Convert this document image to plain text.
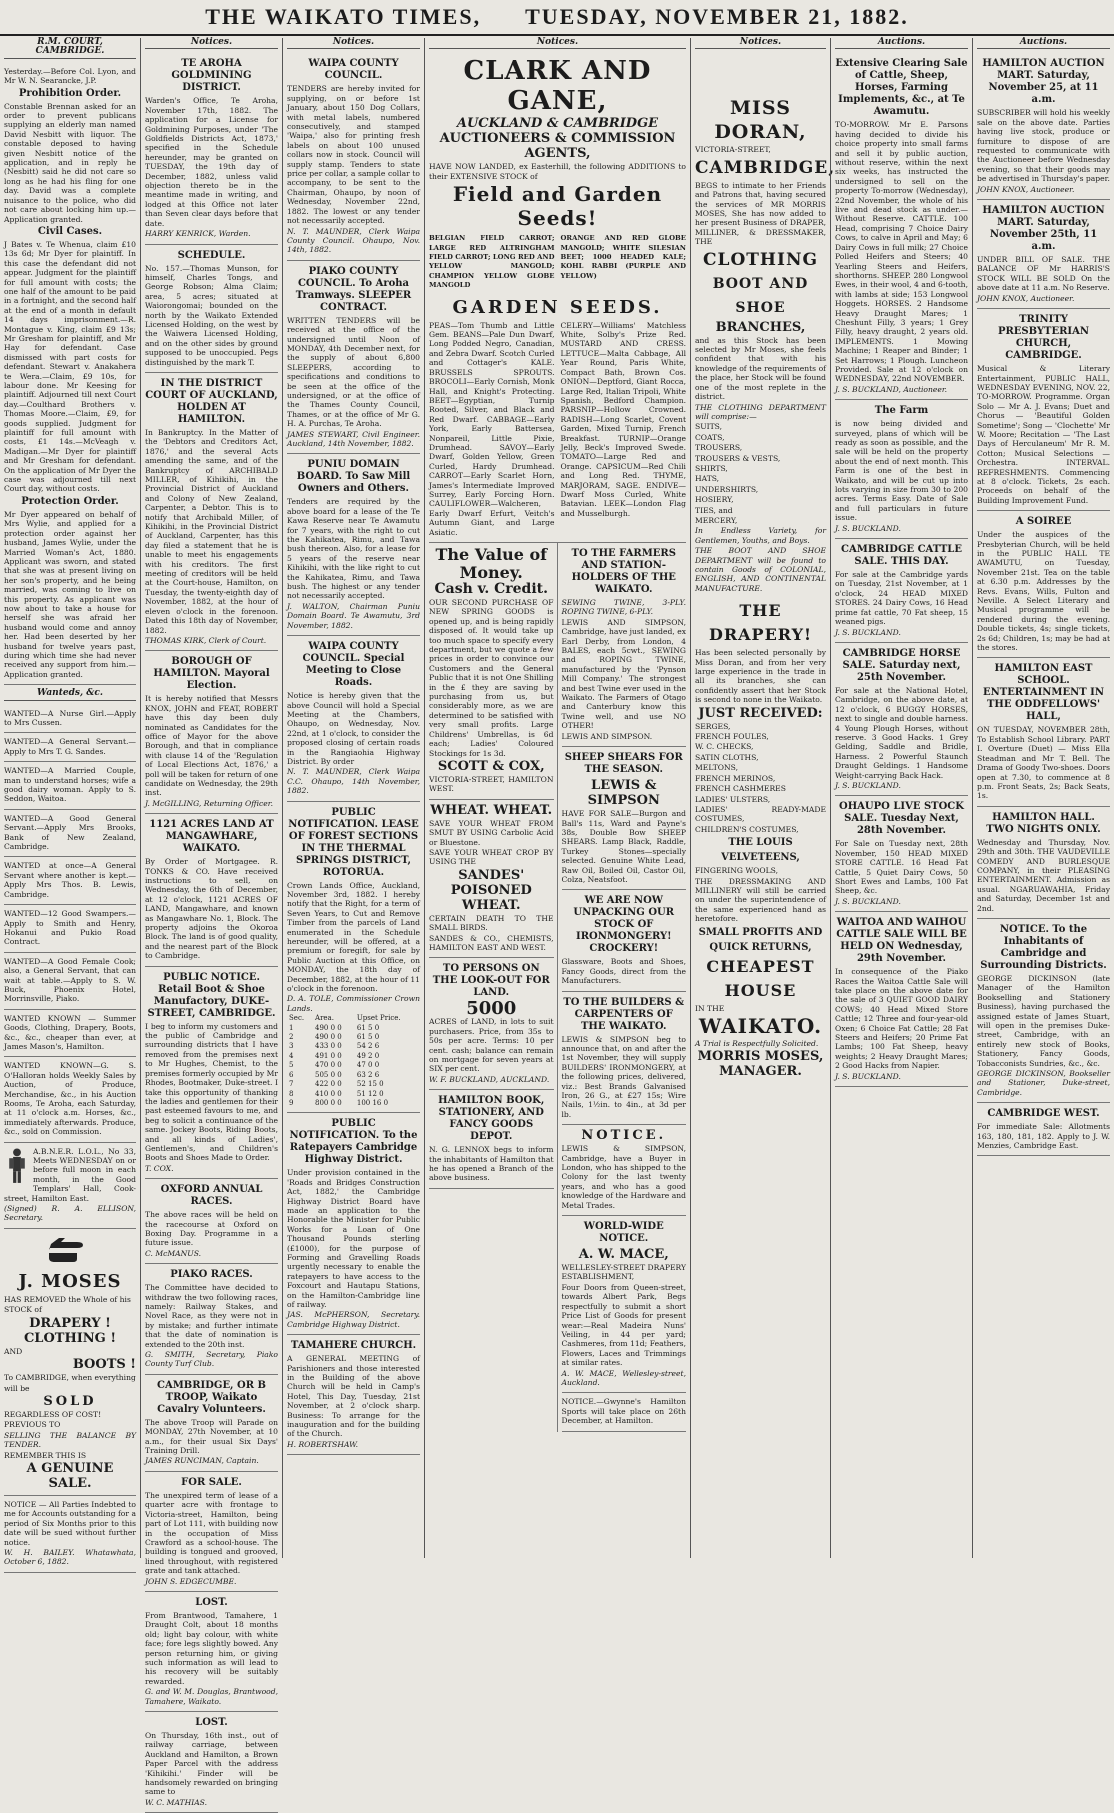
THE WAIKATO TIMES, TUESDAY, NOVEMBER 21, 1882.
R.M. COURT, CAMBRIDGE.

Yesterday.—Before Col. Lyon, and Mr W. N. Searancke, J.P.

Prohibition Order.

Constable Brennan asked for an order to prevent publicans supplying an elderly man named David Nesbitt with liquor. The constable deposed to having given Nesbitt notice of the application, and in reply he (Nesbitt) said he did not care so long as he had his fling for one day. David was a complete nuisance to the police, who did not care about locking him up.—Application granted.

Civil Cases.

J Bates v. Te Whenua, claim £10 13s 6d; Mr Dyer for plaintiff. In this case the defendant did not appear. Judgment for the plaintiff for full amount with costs; the one half of the amount to be paid in a fortnight, and the second half at the end of a month in default 14 days imprisonment.—R. Montague v. King, claim £9 13s; Mr Gresham for plaintiff, and Mr Hay for defendant. Case dismissed with part costs for defendant. Stewart v. Anakahera te Wera.—Claim, £9 10s, for labour done. Mr Keesing for plaintiff. Adjourned till next Court day.—Coulthard Brothers v. Thomas Moore.—Claim, £9, for goods supplied. Judgment for plaintiff for full amount with costs, £1 14s.—McVeagh v. Madigan.—Mr Dyer for plaintiff and Mr Gresham for defendant. On the application of Mr Dyer the case was adjourned till next Court day, without costs.

Protection Order.

Mr Dyer appeared on behalf of Mrs Wylie, and applied for a protection order against her husband, James Wylie, under the Married Woman's Act, 1880. Applicant was sworn, and stated that she was at present living on her son's property, and he being married, was coming to live on this property. As applicant was now about to take a house for herself she was afraid her husband would come and annoy her. Had been deserted by her husband for twelve years past, during which time she had never received any support from him.—Application granted.

Wanteds, &c.

WANTED—A Nurse Girl.—Apply to Mrs Cussen.

WANTED—A General Servant.—Apply to Mrs T. G. Sandes.

WANTED—A Married Couple, man to understand horses; wife a good dairy woman. Apply to S. Seddon, Waitoa.

WANTED—A Good General Servant.—Apply Mrs Brooks, Bank of New Zealand, Cambridge.

WANTED at once—A General Servant where another is kept.—Apply Mrs Thos. B. Lewis, Cambridge.

WANTED—12 Good Swampers.—Apply to Smith and Henry, Hokanui and Pukio Road Contract.

WANTED—A Good Female Cook; also, a General Servant, that can wait at table.—Apply to S. W. Buck, Phoenix Hotel, Morrinsville, Piako.

WANTED KNOWN — Summer Goods, Clothing, Drapery, Boots, &c., &c., cheaper than ever, at James Mason's, Hamilton.

WANTED KNOWN—G. S. O'Halloran holds Weekly Sales by Auction, of Produce, Merchandise, &c., in his Auction Rooms, Te Aroha, each Saturday, at 11 o'clock a.m. Horses, &c., immediately afterwards. Produce, &c., sold on Commission.

A.B.N.E.R. L.O.L., No 33, Meets WEDNESDAY on or before full moon in each month, in the Good Templars' Hall, Cook-street, Hamilton East.

(Signed) R. A. ELLISON, Secretary.

J. MOSES

HAS REMOVED the Whole of his

STOCK of

DRAPERY !
CLOTHING !

AND

BOOTS !

To CAMBRIDGE, when everything

will be

SOLD

REGARDLESS OF COST!

PREVIOUS TO

SELLING THE BALANCE BY TENDER.

REMEMBER THIS IS

A GENUINE SALE.

NOTICE — All Parties Indebted to me for Accounts outstanding for a period of Six Months prior to this date will be sued without further notice.

W. H. BAILEY. Whatawhata, October 6, 1882.

Notices.
TE AROHA GOLDMINING DISTRICT.

Warden's Office, Te Aroha, November 17th, 1882. The application for a License for Goldmining Purposes, under 'The Goldfields Districts Act, 1873,' specified in the Schedule hereunder, may be granted on TUESDAY, the 19th day of December, 1882, unless valid objection thereto be in the meantime made in writing, and lodged at this Office not later than Seven clear days before that date.

HARRY KENRICK, Warden.

SCHEDULE.

No. 157.—Thomas Munson, for himself, Charles Tongs, and George Robson; Alma Claim; area, 5 acres; situated at Waiorongomai; bounded on the north by the Waikato Extended Licensed Holding, on the west by the Waiwera Licensed Holding, and on the other sides by ground supposed to be unoccupied. Pegs distinguished by the mark T.

IN THE DISTRICT COURT OF AUCKLAND, HOLDEN AT HAMILTON.

In Bankruptcy. In the Matter of the 'Debtors and Creditors Act, 1876,' and the several Acts amending the same, and of the Bankruptcy of ARCHIBALD MILLER, of Kihikihi, in the Provincial District of Auckland and Colony of New Zealand, Carpenter, a Debtor. This is to notify that Archibald Miller, of Kihikihi, in the Provincial District of Auckland, Carpenter, has this day filed a statement that he is unable to meet his engagements with his creditors. The first meeting of creditors will be held at the Court-house, Hamilton, on Tuesday, the twenty-eighth day of November, 1882, at the hour of eleven o'clock in the forenoon. Dated this 18th day of November, 1882.

THOMAS KIRK, Clerk of Court.

BOROUGH OF HAMILTON. Mayoral Election.

It is hereby notified that Messrs KNOX, JOHN and FEAT, ROBERT have this day been duly nominated as Candidates for the office of Mayor for the above Borough, and that in compliance with clause 14 of the 'Regulation of Local Elections Act, 1876,' a poll will be taken for return of one candidate on Wednesday, the 29th inst.

J. McGILLING, Returning Officer.

1121 ACRES LAND AT MANGAWHARE, WAIKATO.

By Order of Mortgagee. R. TONKS & CO. Have received instructions to sell, on Wednesday, the 6th of December, at 12 o'clock, 1121 ACRES OF LAND, Mangawhare, and known as Mangawhare No. 1, Block. The property adjoins the Okoroa Block. The land is of good quality, and the nearest part of the Block to Cambridge.

PUBLIC NOTICE. Retail Boot & Shoe Manufactory, DUKE-STREET, CAMBRIDGE.

I beg to inform my customers and the public of Cambridge and surrounding districts that I have removed from the premises next to Mr Hughes, Chemist, to the premises formerly occupied by Mr Rhodes, Bootmaker, Duke-street. I take this opportunity of thanking the ladies and gentlemen for their past esteemed favours to me, and beg to solicit a continuance of the same. Jockey Boots, Riding Boots, and all kinds of Ladies', Gentlemen's, and Children's Boots and Shoes Made to Order.

T. COX.

OXFORD ANNUAL RACES.

The above races will be held on the racecourse at Oxford on Boxing Day. Programme in a future issue.

C. McMANUS.

PIAKO RACES.

The Committee have decided to withdraw the two following races, namely: Railway Stakes, and Novel Race, as they were not in by mistake; and further intimate that the date of nomination is extended to the 20th inst.

G. SMITH, Secretary, Piako County Turf Club.

CAMBRIDGE, OR B TROOP, Waikato Cavalry Volunteers.

The above Troop will Parade on MONDAY, 27th November, at 10 a.m., for their usual Six Days' Training Drill.

JAMES RUNCIMAN, Captain.

FOR SALE.

The unexpired term of lease of a quarter acre with frontage to Victoria-street, Hamilton, being part of Lot 111, with building now in the occupation of Miss Crawford as a school-house. The building is tongued and grooved, lined throughout, with registered grate and tank attached.

JOHN S. EDGECUMBE.

LOST.

From Brantwood, Tamahere, 1 Draught Colt, about 18 months old; light bay colour, with white face; fore legs slightly bowed. Any person returning him, or giving such information as will lead to his recovery will be suitably rewarded.

G. and W. M. Douglas, Brantwood, Tamahere, Waikato.

LOST.

On Thursday, 16th inst., out of railway carriage, between Auckland and Hamilton, a Brown Paper Parcel with the address 'Kihikihi.' Finder will be handsomely rewarded on bringing same to

W. C. MATHIAS.

Notices.
WAIPA COUNTY COUNCIL.

TENDERS are hereby invited for supplying, on or before 1st January, about 150 Dog Collars, with metal labels, numbered consecutively, and stamped 'Waipa,' also for printing fresh labels on about 100 unused collars now in stock. Council will supply stamp. Tenders to state price per collar, a sample collar to accompany, to be sent to the Chairman, Ohaupo, by noon of Wednesday, November 22nd, 1882. The lowest or any tender not necessarily accepted.

N. T. MAUNDER, Clerk Waipa County Council. Ohaupo, Nov. 14th, 1882.

PIAKO COUNTY COUNCIL. To Aroha Tramways. SLEEPER CONTRACT.

WRITTEN TENDERS will be received at the office of the undersigned until Noon of MONDAY, 4th December next, for the supply of about 6,800 SLEEPERS, according to specifications and conditions to be seen at the office of the undersigned, or at the office of the Thames County Council, Thames, or at the office of Mr G. H. A. Purchas, Te Aroha.

JAMES STEWART, Civil Engineer. Auckland, 14th November, 1882.

PUNIU DOMAIN BOARD. To Saw Mill Owners and Others.

Tenders are required by the above board for a lease of the Te Kawa Reserve near Te Awamutu for 7 years, with the right to cut the Kahikatea, Rimu, and Tawa bush thereon. Also, for a lease for 5 years of the reserve near Kihikihi, with the like right to cut the Kahikatea, Rimu, and Tawa bush. The highest or any tender not necessarily accepted.

J. WALTON, Chairman Puniu Domain Board. Te Awamutu, 3rd November, 1882.

WAIPA COUNTY COUNCIL. Special Meeting to Close Roads.

Notice is hereby given that the above Council will hold a Special Meeting at the Chambers, Ohaupo, on Wednesday, Nov. 22nd, at 1 o'clock, to consider the proposed closing of certain roads in the Rangiaohia Highway District. By order

N. T. MAUNDER, Clerk Waipa C.C. Ohaupo, 14th November, 1882.

PUBLIC NOTIFICATION. LEASE OF FOREST SECTIONS IN THE THERMAL SPRINGS DISTRICT, ROTORUA.

Crown Lands Office, Auckland, November 3rd, 1882. I hereby notify that the Right, for a term of Seven Years, to Cut and Remove Timber from the parcels of Land enumerated in the Schedule hereunder, will be offered, at a premium or foregift, for sale by Public Auction at this Office, on MONDAY, the 18th day of December, 1882, at the hour of 11 o'clock in the forenoon.

D. A. TOLE, Commissioner Crown Lands.

Sec.	Area.	Upset Price.
1	490 0 0	61 5 0
2	490 0 0	61 5 0
3	433 0 0	54 2 6
4	491 0 0	49 2 0
5	470 0 0	47 0 0
6	505 0 0	63 2 6
7	422 0 0	52 15 0
8	410 0 0	51 12 0
9	800 0 0	100 16 0
PUBLIC NOTIFICATION. To the Ratepayers Cambridge Highway District.

Under provision contained in the 'Roads and Bridges Construction Act, 1882,' the Cambridge Highway District Board have made an application to the Honorable the Minister for Public Works for a Loan of One Thousand Pounds sterling (£1000), for the purpose of Forming and Gravelling Roads urgently necessary to enable the ratepayers to have access to the Foxcourt and Hautapu Stations, on the Hamilton-Cambridge line of railway.

JAS. McPHERSON, Secretary. Cambridge Highway District.

TAMAHERE CHURCH.

A GENERAL MEETING of Parishioners and those interested in the Building of the above Church will be held in Camp's Hotel, This Day, Tuesday, 21st November, at 2 o'clock sharp. Business: To arrange for the inauguration and for the building of the Church.

H. ROBERTSHAW.

Notices.
CLARK AND GANE,
AUCKLAND & CAMBRIDGE
AUCTIONEERS & COMMISSION AGENTS,

HAVE NOW LANDED, ex Easterhill, the following ADDITIONS to their EXTENSIVE STOCK of

Field and Garden Seeds!

BELGIAN FIELD CARROT; LARGE RED ALTRINGHAM FIELD CARROT; LONG RED AND YELLOW MANGOLD; CHAMPION YELLOW GLOBE MANGOLD

ORANGE AND RED GLOBE MANGOLD; WHITE SILESIAN BEET; 1000 HEADED KALE; KOHL RABBI (PURPLE AND YELLOW)

GARDEN SEEDS.

PEAS—Tom Thumb and Little Gem. BEANS—Pale Dun Dwarf, Long Podded Negro, Canadian, and Zebra Dwarf. Scotch Curled and Cottager's KALE. BRUSSELS SPROUTS. BROCOLI—Early Cornish, Monk Hall, and Knight's Protecting. BEET—Egyptian, Turnip Rooted, Silver, and Black and Red Dwarf. CABBAGE—Early York, Early Battersea, Nonpareil, Little Pixie, Drumhead. SAVOY—Early Dwarf, Golden Yellow, Green Curled, Hardy Drumhead. CARROT—Early Scarlet Horn, James's Intermediate Improved Surrey, Early Forcing Horn. CAULIFLOWER—Walcheren, Early Dwarf Erfurt, Veitch's Autumn Giant, and Large Asiatic.

CELERY—Williams' Matchless White, Solby's Prize Red. MUSTARD AND CRESS. LETTUCE—Malta Cabbage, All Year Round, Paris White, Compact Bath, Brown Cos. ONION—Deptford, Giant Rocca, Large Red, Italian Tripoli, White Spanish, Bedford Champion. PARSNIP—Hollow Crowned. RADISH—Long Scarlet, Covent Garden, Mixed Turnip, French Breakfast. TURNIP—Orange Jelly, Beck's Improved Swede. TOMATO—Large Red and Orange. CAPSICUM—Red Chili and Long Red. THYME, MARJORAM, SAGE. ENDIVE—Dwarf Moss Curled, White Batavian. LEEK—London Flag and Musselburgh.

The Value of Money.
Cash v. Credit.

OUR SECOND PURCHASE OF NEW SPRING GOODS is opened up, and is being rapidly disposed of. It would take up too much space to specify every department, but we quote a few prices in order to convince our Customers and the General Public that it is not One Shilling in the £ they are saving by purchasing from us, but considerably more, as we are determined to be satisfied with very small profits. Large Childrens' Umbrellas, is 6d each; Ladies' Coloured Stockings for 1s 3d.

SCOTT & COX,

VICTORIA-STREET, HAMILTON WEST.

WHEAT. WHEAT.

SAVE YOUR WHEAT FROM SMUT BY USING Carbolic Acid or Bluestone.

SAVE YOUR WHEAT CROP BY USING THE

SANDES' POISONED WHEAT.

CERTAIN DEATH TO THE SMALL BIRDS.

SANDES & CO., CHEMISTS, HAMILTON EAST AND WEST.

TO PERSONS ON THE LOOK-OUT FOR LAND.
5000

ACRES of LAND, in lots to suit purchasers. Price, from 35s to 50s per acre. Terms: 10 per cent. cash; balance can remain on mortgage for seven years at SIX per cent.

W. F. BUCKLAND, AUCKLAND.

HAMILTON BOOK, STATIONERY, AND FANCY GOODS DEPOT.

N. G. LENNOX begs to inform the inhabitants of Hamilton that he has opened a Branch of the above business.

TO THE FARMERS AND STATION-HOLDERS OF THE WAIKATO.

SEWING TWINE, 3-PLY. ROPING TWINE, 6-PLY.

LEWIS AND SIMPSON, Cambridge, have just landed, ex Earl Derby, from London, 4 BALES, each 5cwt., SEWING and ROPING TWINE, manufactured by the 'Pynson Mill Company.' The strongest and best Twine ever used in the Waikato. The Farmers of Otago and Canterbury know this Twine well, and use NO OTHER!

LEWIS AND SIMPSON.

SHEEP SHEARS FOR THE SEASON.
LEWIS & SIMPSON

HAVE FOR SALE—Burgon and Ball's 11s, Ward and Payne's 38s, Double Bow SHEEP SHEARS. Lamp Black, Raddle, Turkey Stones—specially selected. Genuine White Lead, Raw Oil, Boiled Oil, Castor Oil, Colza, Neatsfoot.

WE ARE NOW UNPACKING OUR STOCK OF IRONMONGERY! CROCKERY!

Glassware, Boots and Shoes, Fancy Goods, direct from the Manufacturers.

TO THE BUILDERS & CARPENTERS OF THE WAIKATO.

LEWIS & SIMPSON beg to announce that, on and after the 1st November, they will supply BUILDERS' IRONMONGERY, at the following prices, delivered, viz.: Best Brands Galvanised Iron, 26 G., at £27 15s; Wire Nails, 1½in. to 4in., at 3d per lb.

NOTICE.

LEWIS & SIMPSON, Cambridge, have a Buyer in London, who has shipped to the Colony for the last twenty years, and who has a good knowledge of the Hardware and Metal Trades.

WORLD-WIDE NOTICE.
A. W. MACE,

WELLESLEY-STREET DRAPERY ESTABLISHMENT,

Four Doors from Queen-street, towards Albert Park, Begs respectfully to submit a short Price List of Goods for present wear:—Real Madeira Nuns' Veiling, in 44 per yard; Cashmeres, from 11d; Feathers, Flowers, Laces and Trimmings at similar rates.

A. W. MACE, Wellesley-street, Auckland.

NOTICE.—Gwynne's Hamilton Sports will take place on 26th December, at Hamilton.

Notices.
MISS DORAN,

VICTORIA-STREET,

CAMBRIDGE,

BEGS to intimate to her Friends and Patrons that, having secured the services of MR MORRIS MOSES, She has now added to her present Business of DRAPER, MILLINER, & DRESSMAKER, THE

CLOTHING
BOOT AND SHOE
BRANCHES,

and as this Stock has been selected by Mr Moses, she feels confident that with his knowledge of the requirements of the place, her Stock will be found one of the most replete in the district.

THE CLOTHING DEPARTMENT will comprise:—

SUITS,

COATS,

TROUSERS,

TROUSERS & VESTS,

SHIRTS,

HATS,

UNDERSHIRTS,

HOSIERY,

TIES, and

MERCERY,

In Endless Variety, for Gentlemen, Youths, and Boys.

THE BOOT AND SHOE DEPARTMENT will be found to contain Goods of COLONIAL, ENGLISH, AND CONTINENTAL MANUFACTURE.

THE DRAPERY!

Has been selected personally by Miss Doran, and from her very large experience in the trade in all its branches, she can confidently assert that her Stock is second to none in the Waikato.

JUST RECEIVED:

SERGES,

FRENCH FOULES,

W. C. CHECKS,

SATIN CLOTHS,

MELTONS,

FRENCH MERINOS,

FRENCH CASHMERES

LADIES' ULSTERS,

LADIES' READY-MADE COSTUMES,

CHILDREN'S COSTUMES,

THE LOUIS VELVETEENS,

FINGERING WOOLS,

THE DRESSMAKING AND MILLINERY will still be carried on under the superintendence of the same experienced hand as heretofore.

SMALL PROFITS AND QUICK RETURNS,
CHEAPEST HOUSE

IN THE

WAIKATO.

A Trial is Respectfully Solicited.

MORRIS MOSES, MANAGER.
Auctions.
Extensive Clearing Sale of Cattle, Sheep, Horses, Farming Implements, &c., at Te Awamutu.

TO-MORROW. Mr E. Parsons having decided to divide his choice property into small farms and sell it by public auction, without reserve, within the next six weeks, has instructed the undersigned to sell on the property To-morrow (Wednesday), 22nd November, the whole of his live and dead stock as under.—Without Reserve. CATTLE. 100 Head, comprising 7 Choice Dairy Cows, to calve in April and May; 6 Dairy Cows in full milk; 27 Choice Polled Heifers and Steers; 40 Yearling Steers and Heifers, shorthorns. SHEEP. 280 Longwool Ewes, in their wool, 4 and 6-tooth, with lambs at side; 153 Longwool Hoggets. HORSES. 2 Handsome Heavy Draught Mares; 1 Cheshunt Filly, 3 years; 1 Grey Filly, heavy draught, 2 years old. IMPLEMENTS. 1 Mowing Machine; 1 Reaper and Binder; 1 Set Harrows; 1 Plough. Luncheon Provided. Sale at 12 o'clock on WEDNESDAY, 22nd NOVEMBER.

J. S. BUCKLAND, Auctioneer.

The Farm

is now being divided and surveyed, plans of which will be ready as soon as possible, and the sale will be held on the property about the end of next month. This Farm is one of the best in Waikato, and will be cut up into lots varying in size from 30 to 200 acres. Terms Easy. Date of Sale and full particulars in future issue.

J. S. BUCKLAND.

CAMBRIDGE CATTLE SALE. THIS DAY.

For sale at the Cambridge yards on Tuesday, 21st November, at 1 o'clock, 24 HEAD MIXED STORES. 24 Dairy Cows, 16 Head prime fat cattle, 70 Fat sheep, 15 weaned pigs.

J. S. BUCKLAND.

CAMBRIDGE HORSE SALE. Saturday next, 25th November.

For sale at the National Hotel, Cambridge, on the above date, at 12 o'clock, 6 BUGGY HORSES, next to single and double harness. 4 Young Plough Horses, without reserve. 3 Good Hacks. 1 Grey Gelding, Saddle and Bridle, Harness. 2 Powerful Staunch Draught Geldings. 1 Handsome Weight-carrying Back Hack.

J. S. BUCKLAND.

OHAUPO LIVE STOCK SALE. Tuesday Next, 28th November.

For Sale on Tuesday next, 28th November, 150 HEAD MIXED STORE CATTLE. 16 Head Fat Cattle, 5 Quiet Dairy Cows, 50 Short Ewes and Lambs, 100 Fat Sheep, &c.

J. S. BUCKLAND.

WAITOA AND WAIHOU CATTLE SALE WILL BE HELD ON Wednesday, 29th November.

In consequence of the Piako Races the Waitoa Cattle Sale will take place on the above date for the sale of 3 QUIET GOOD DAIRY COWS; 40 Head Mixed Store Cattle; 12 Three and four-year-old Oxen; 6 Choice Fat Cattle; 28 Fat Steers and Heifers; 20 Prime Fat Lambs; 100 Fat Sheep, heavy weights; 2 Heavy Draught Mares; 2 Good Hacks from Napier.

J. S. BUCKLAND.

Auctions.
HAMILTON AUCTION MART. Saturday, November 25, at 11 a.m.

SUBSCRIBER will hold his weekly sale on the above date. Parties having live stock, produce or furniture to dispose of are requested to communicate with the Auctioneer before Wednesday evening, so that their goods may be advertised in Thursday's paper.

JOHN KNOX, Auctioneer.

HAMILTON AUCTION MART. Saturday, November 25th, 11 a.m.

UNDER BILL OF SALE. THE BALANCE OF Mr HARRIS'S STOCK WILL BE SOLD On the above date at 11 a.m. No Reserve.

JOHN KNOX, Auctioneer.

TRINITY PRESBYTERIAN CHURCH, CAMBRIDGE.

Musical & Literary Entertainment, PUBLIC HALL, WEDNESDAY EVENING, NOV. 22, TO-MORROW. Programme. Organ Solo — Mr A. J. Evans; Duet and Chorus — 'Beautiful Golden Sometime'; Song — 'Clochette' Mr W. Moore; Recitation — 'The Last Days of Herculaneum' Mr R. M. Cotton; Musical Selections — Orchestra. INTERVAL. REFRESHMENTS. Commencing at 8 o'clock. Tickets, 2s each. Proceeds on behalf of the Building Improvement Fund.

A SOIREE

Under the auspices of the Presbyterian Church, will be held in the PUBLIC HALL TE AWAMUTU, on Tuesday, November 21st. Tea on the table at 6.30 p.m. Addresses by the Revs. Evans, Wills, Fulton and Neville. A Select Literary and Musical programme will be rendered during the evening. Double tickets, 4s; single tickets, 2s 6d; Children, 1s; may be had at the stores.

HAMILTON EAST SCHOOL. ENTERTAINMENT IN THE ODDFELLOWS' HALL,

ON TUESDAY, NOVEMBER 28th, To Establish School Library. PART I. Overture (Duet) — Miss Ella Steadman and Mr T. Bell. The Drama of Goody Two-shoes. Doors open at 7.30, to commence at 8 p.m. Front Seats, 2s; Back Seats, 1s.

HAMILTON HALL. TWO NIGHTS ONLY.

Wednesday and Thursday, Nov. 29th and 30th. THE VAUDEVILLE COMEDY AND BURLESQUE COMPANY, in their PLEASING ENTERTAINMENT. Admission as usual. NGARUAWAHIA, Friday and Saturday, December 1st and 2nd.

NOTICE. To the Inhabitants of Cambridge and Surrounding Districts.

GEORGE DICKINSON (late Manager of the Hamilton Bookselling and Stationery Business), having purchased the assigned estate of James Stuart, will open in the premises Duke-street, Cambridge, with an entirely new stock of Books, Stationery, Fancy Goods, Tobacconists Sundries, &c., &c.

GEORGE DICKINSON, Bookseller and Stationer, Duke-street, Cambridge.

CAMBRIDGE WEST.

For immediate Sale: Allotments 163, 180, 181, 182. Apply to J. W. Menzies, Cambridge East.
